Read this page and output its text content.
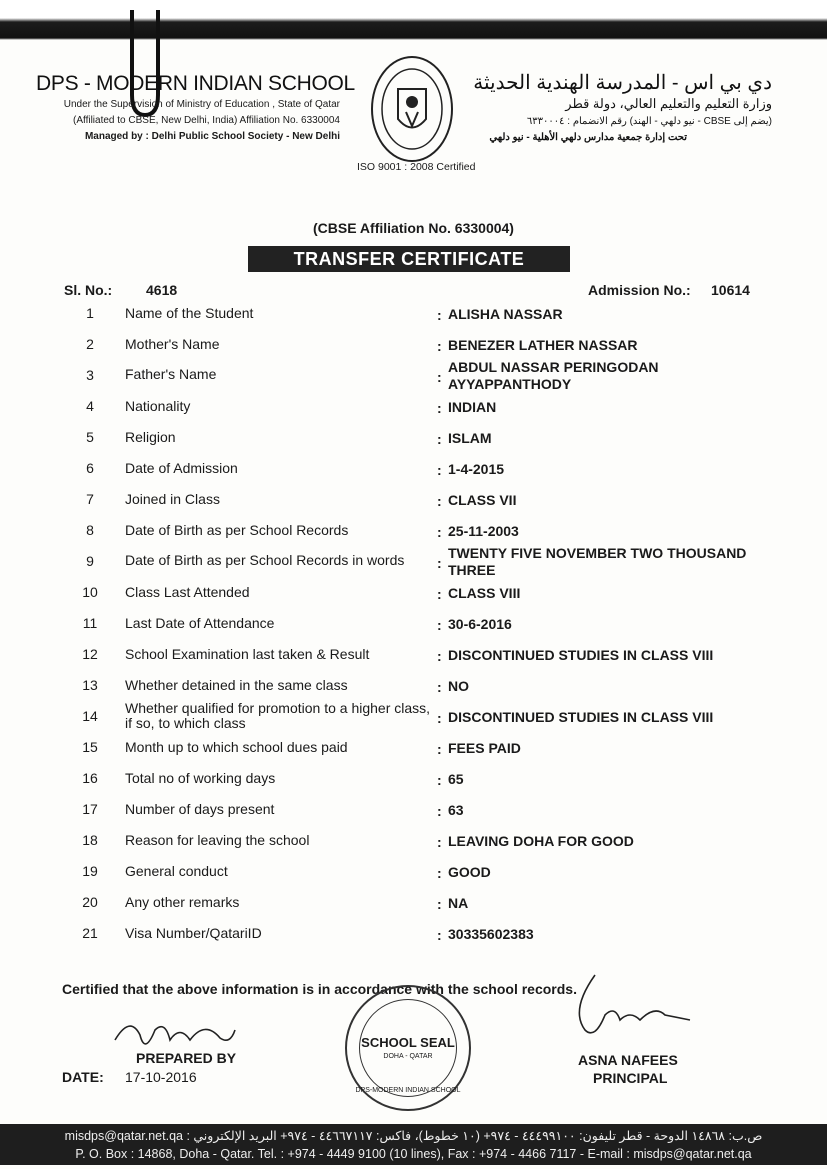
DPS - MODERN INDIAN SCHOOL
Under the Supervision of Ministry of Education , State of Qatar
(Affiliated to CBSE, New Delhi, India) Affiliation No. 6330004
Managed by : Delhi Public School Society - New Delhi
دي بي اس - المدرسة الهندية الحديثة
وزارة التعليم والتعليم العالي، دولة قطر
(يضم إلى CBSE - نيو دلهي - الهند) رقم الانضمام : ٦٣٣٠٠٠٤
تحت إدارة جمعية مدارس دلهي الأهلية - نيو دلهي
ISO 9001 : 2008 Certified
(CBSE Affiliation No. 6330004)
TRANSFER CERTIFICATE
Sl. No.: 4618	Admission No.: 10614
1	Name of the Student	: ALISHA NASSAR
2	Mother's Name	: BENEZER LATHER NASSAR
3	Father's Name	:
ABDUL NASSAR PERINGODAN AYYAPPANTHODY
4	Nationality	: INDIAN
5	Religion	: ISLAM
6	Date of Admission	: 1-4-2015
7	Joined in Class	: CLASS VII
8	Date of Birth as per School Records	: 25-11-2003
9	Date of Birth as per School Records in words	:
TWENTY FIVE NOVEMBER TWO THOUSAND THREE
10	Class Last Attended	: CLASS VIII
11	Last Date of Attendance	: 30-6-2016
12	School Examination last taken & Result	: DISCONTINUED STUDIES IN CLASS VIII
13	Whether detained in the same class	: NO
14	Whether qualified for promotion to a higher class, if so, to which class	: DISCONTINUED STUDIES IN CLASS VIII
15	Month up to which school dues paid	: FEES PAID
16	Total no of working days	: 65
17	Number of days present	: 63
18	Reason for leaving the school	: LEAVING DOHA FOR GOOD
19	General conduct	: GOOD
20	Any other remarks	: NA
21	Visa Number/QatariID	: 30335602383
Certified that the above information is in accordance with the school records.
PREPARED BY
DATE: 17-10-2016
SCHOOL SEAL
DOHA - QATAR
DPS-MODERN INDIAN SCHOOL
ASNA NAFEES
PRINCIPAL
ص.ب: ١٤٨٦٨ الدوحة - قطر تليفون: ٤٤٤٩٩١٠٠ - ٩٧٤+ (١٠ خطوط)، فاكس: ٤٤٦٦٧١١٧ - ٩٧٤+ البريد الإلكتروني : misdps@qatar.net.qa
P. O. Box : 14868, Doha - Qatar. Tel. : +974 - 4449 9100 (10 lines), Fax : +974 - 4466 7117 - E-mail : misdps@qatar.net.qa
